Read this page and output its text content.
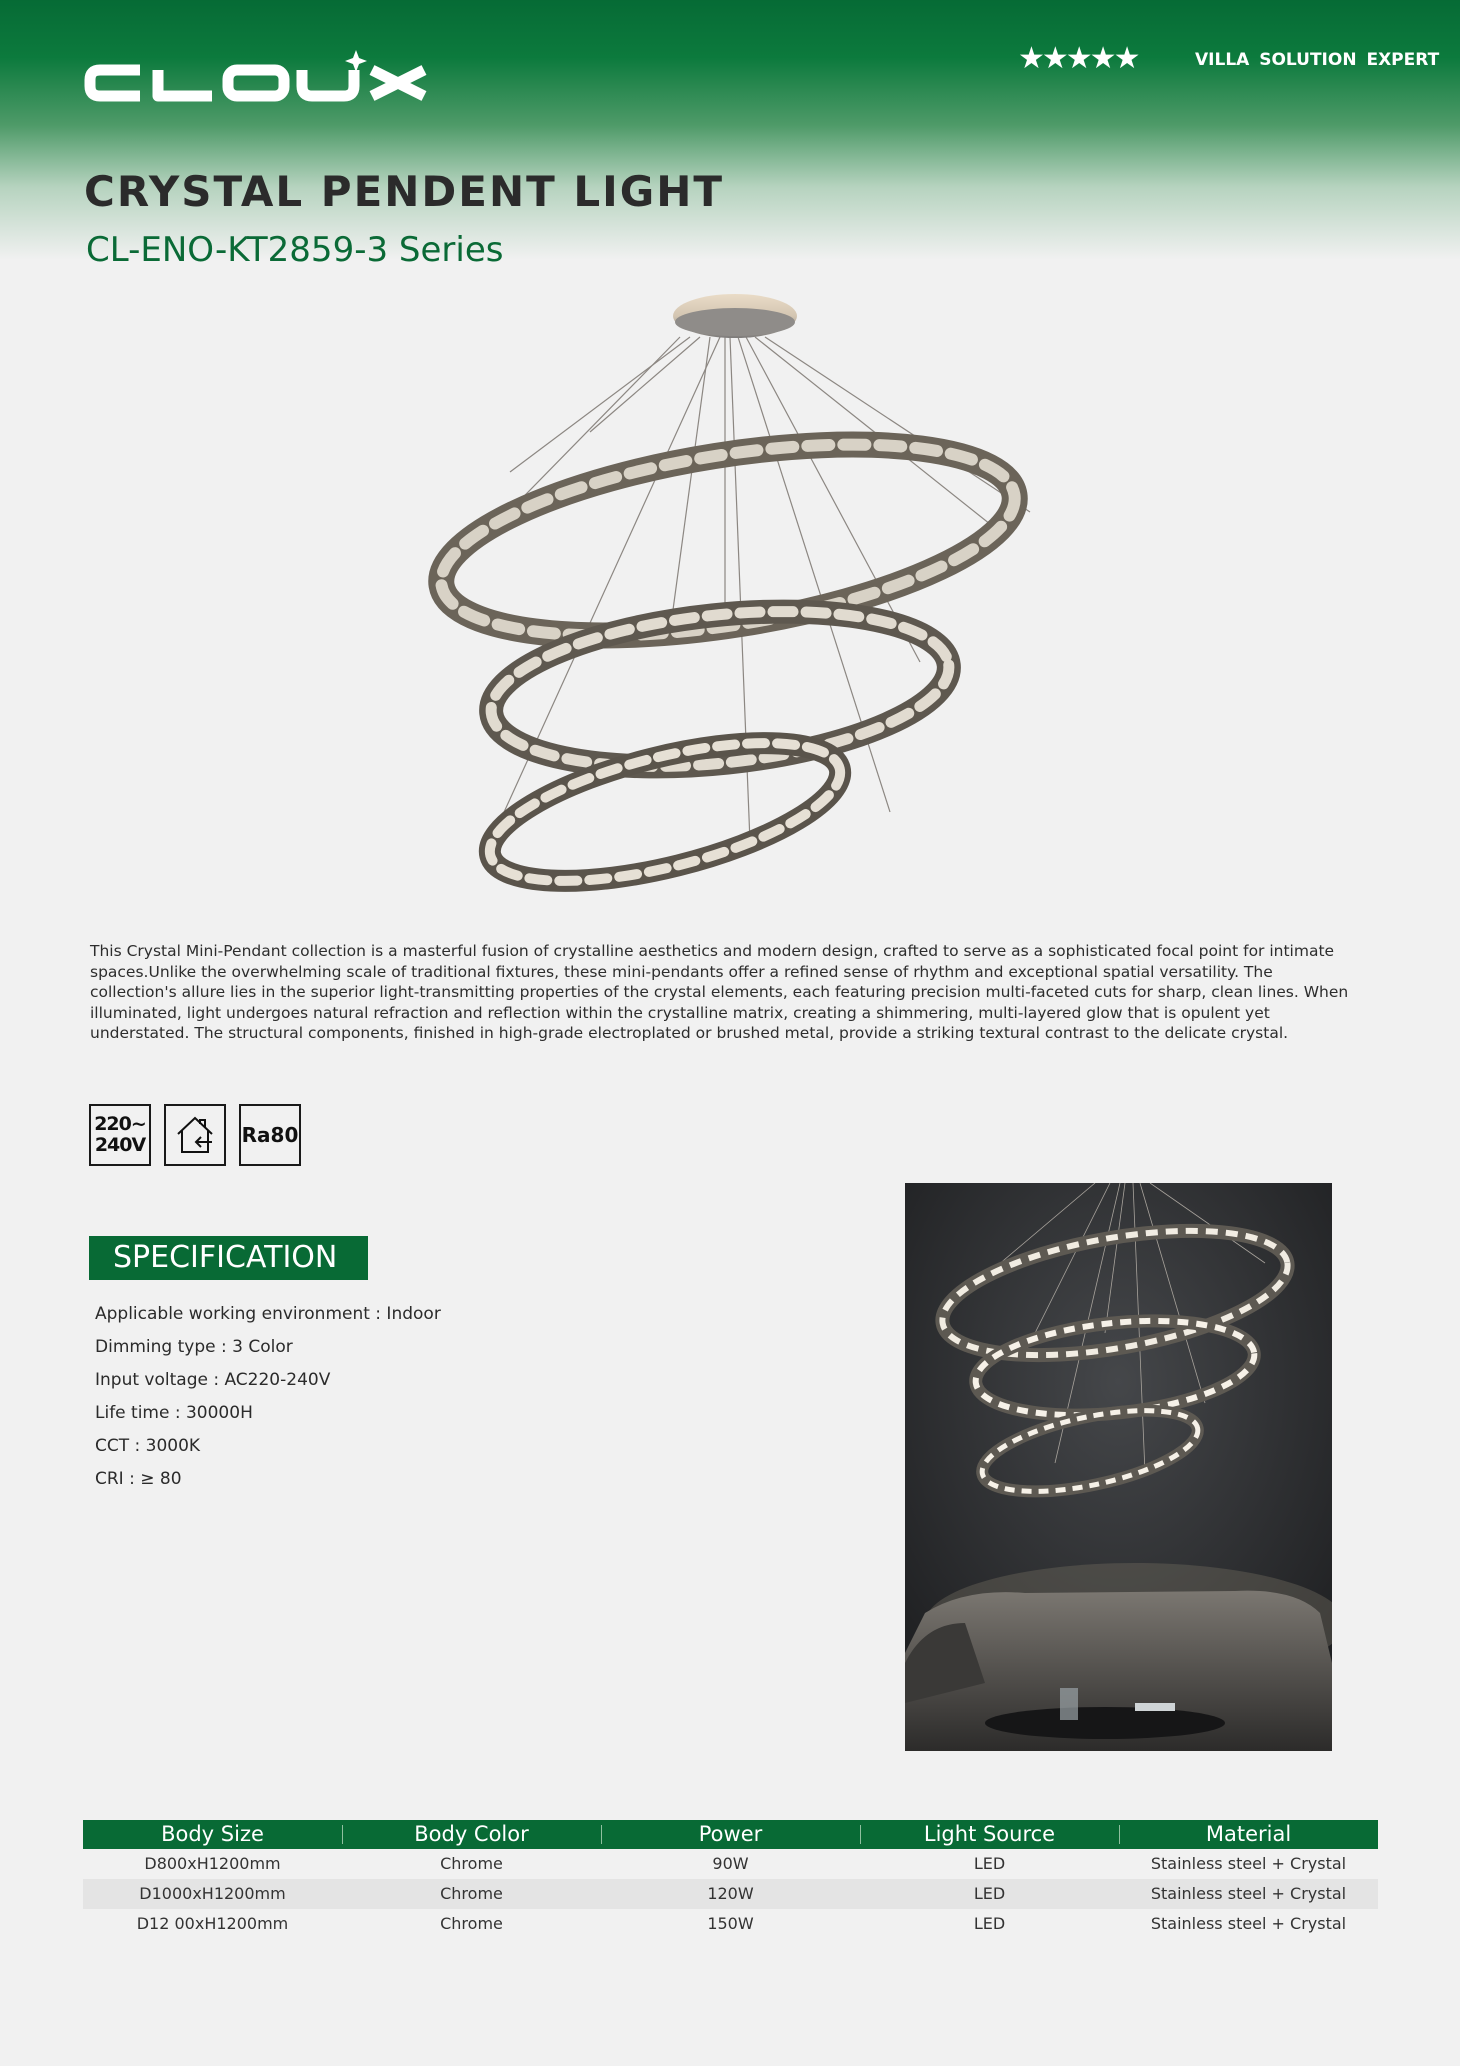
★★★★★	VILLA SOLUTION EXPERT
CRYSTAL PENDENT LIGHT
CL-ENO-KT2859-3 Series

This Crystal Mini-Pendant collection is a masterful fusion of crystalline aesthetics and modern design, crafted to serve as a sophisticated focal point for intimate spaces.Unlike the overwhelming scale of traditional fixtures, these mini-pendants offer a refined sense of rhythm and exceptional spatial versatility. The collection's allure lies in the superior light-transmitting properties of the crystal elements, each featuring precision multi-faceted cuts for sharp, clean lines. When illuminated, light undergoes natural refraction and reflection within the crystalline matrix, creating a shimmering, multi-layered glow that is opulent yet understated. The structural components, finished in high-grade electroplated or brushed metal, provide a striking textural contrast to the delicate crystal.

220~
240V	Ra80
SPECIFICATION
Applicable working environment : Indoor
Dimming type : 3 Color
Input voltage : AC220-240V
Life time : 30000H
CCT : 3000K
CRI : ≥ 80
Body Size	Body Color	Power	Light Source	Material
D800xH1200mm	Chrome	90W	LED	Stainless steel + Crystal
D1000xH1200mm	Chrome	120W	LED	Stainless steel + Crystal
D12 00xH1200mm	Chrome	150W	LED	Stainless steel + Crystal
